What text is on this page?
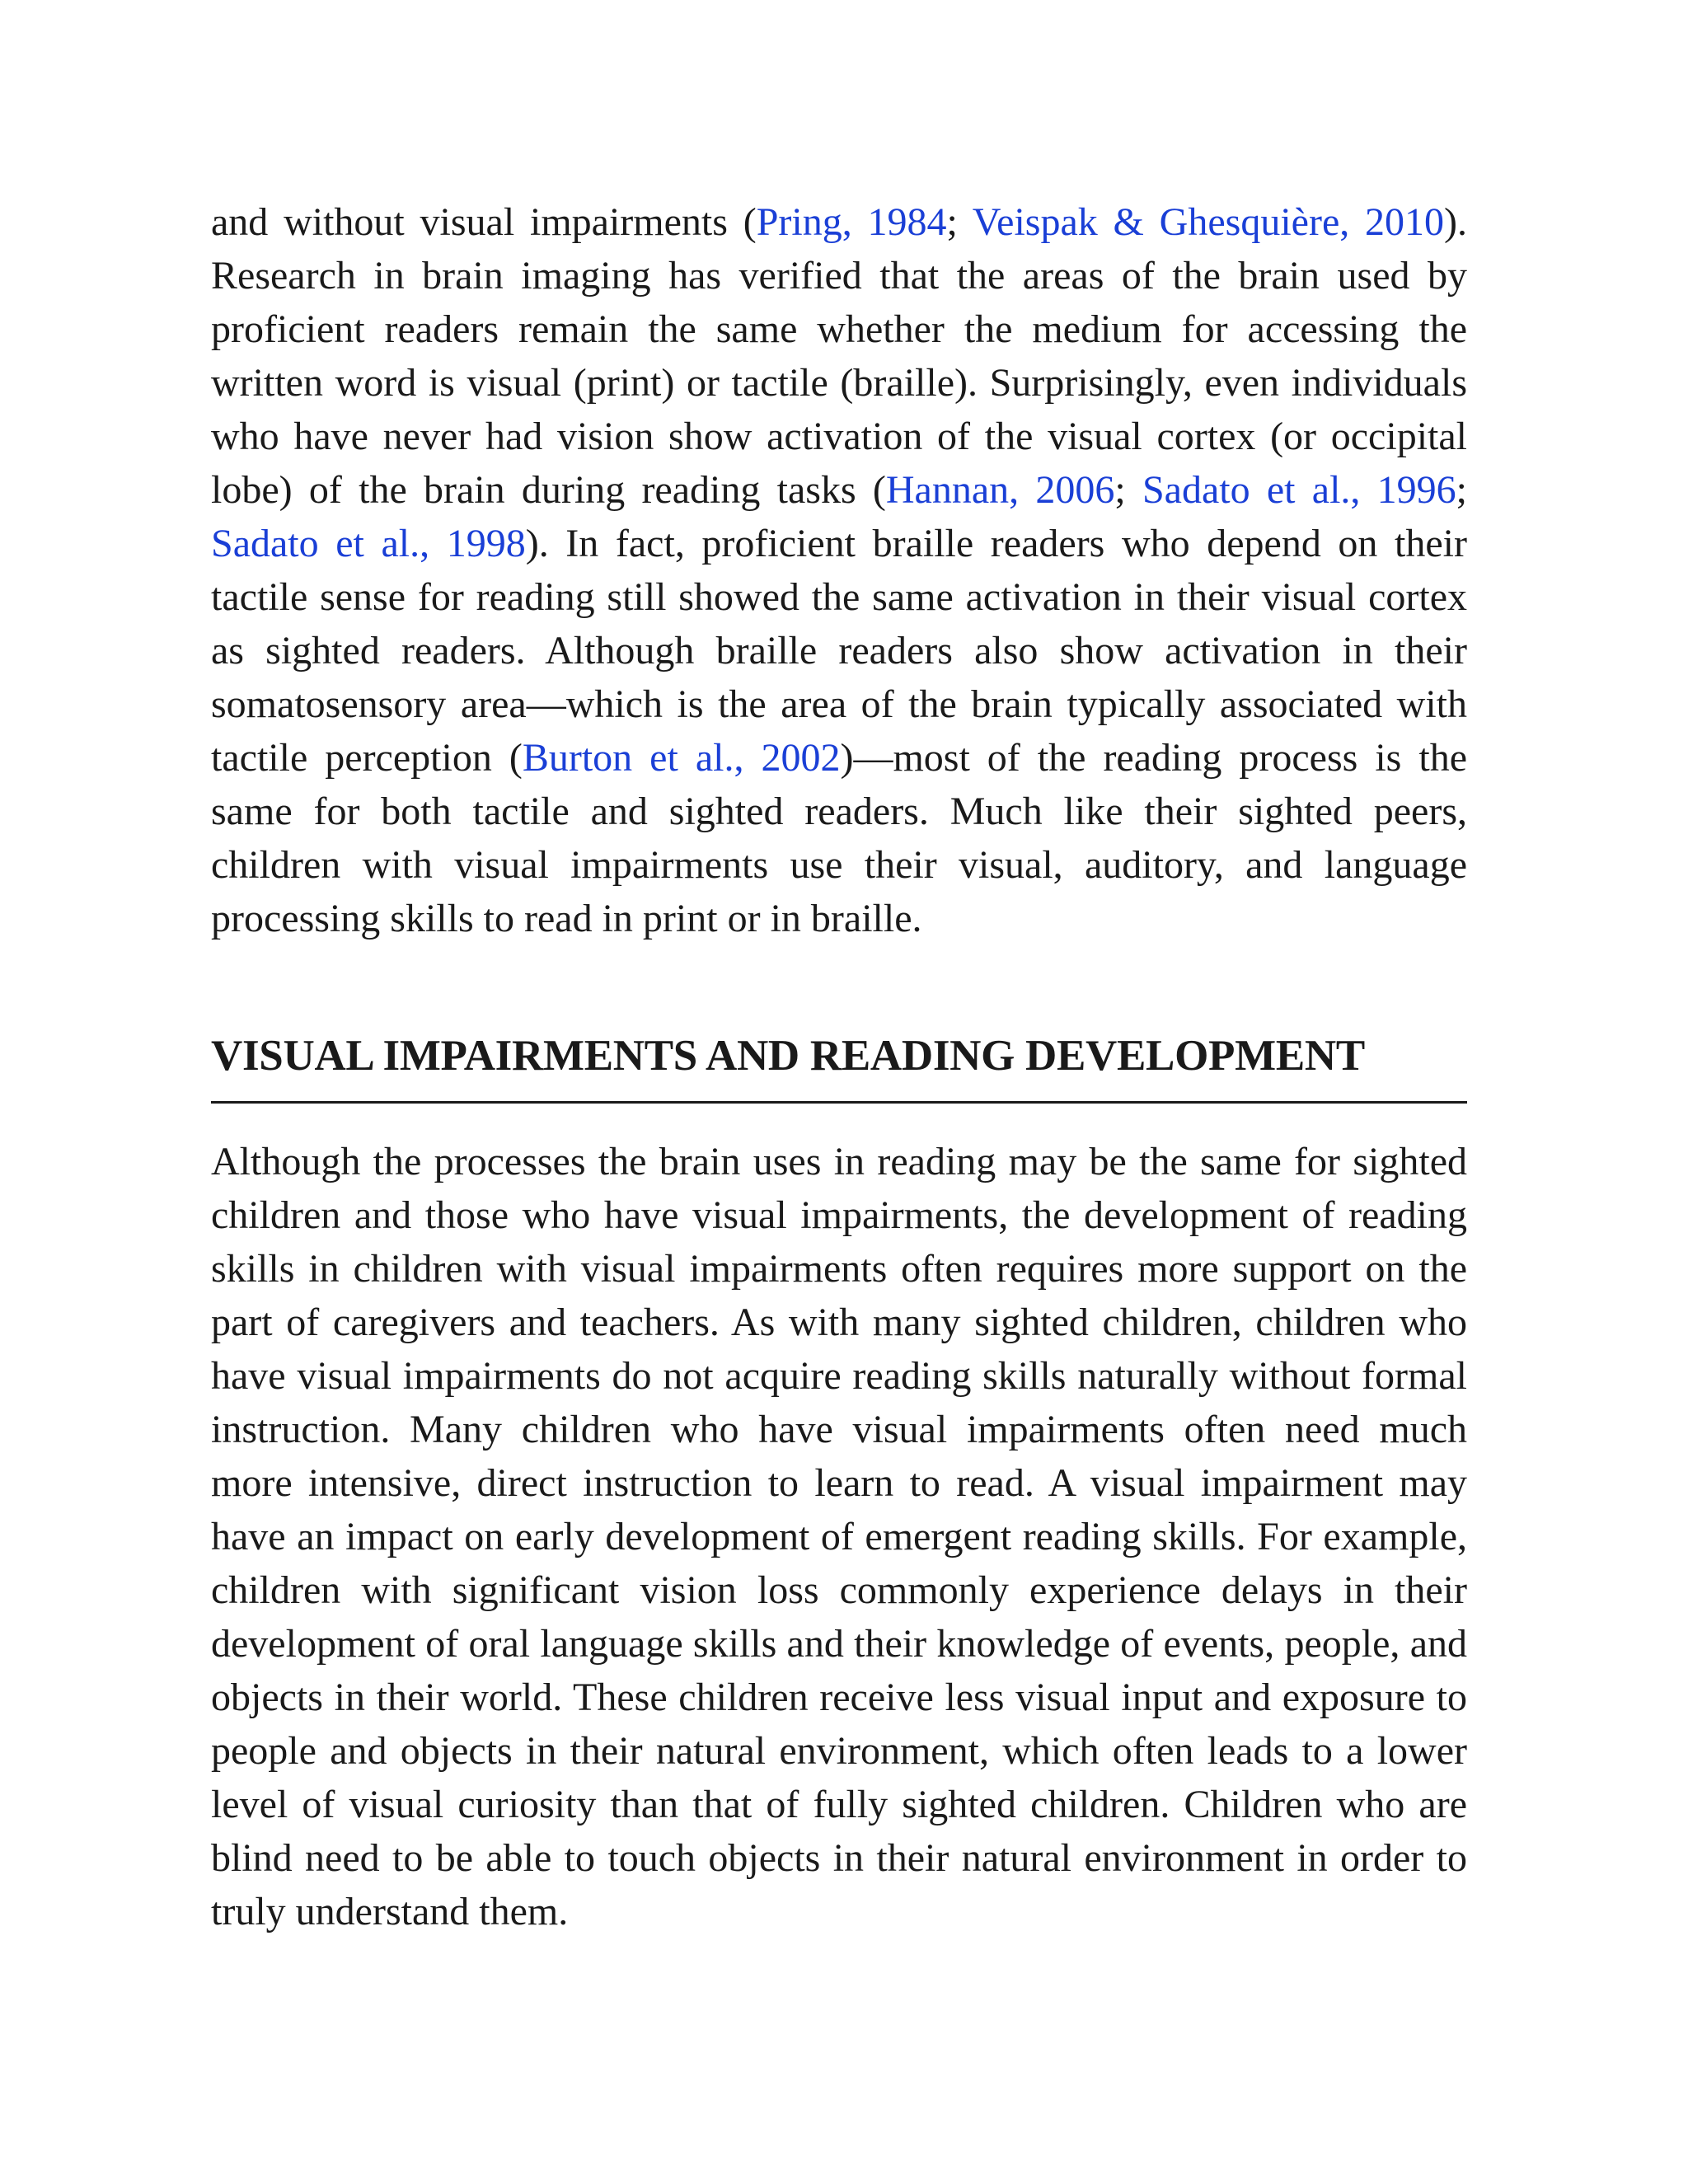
and without visual impairments (Pring, 1984; Veispak & Ghesquière, 2010). Research in brain imaging has verified that the areas of the brain used by proficient readers remain the same whether the medium for accessing the written word is visual (print) or tactile (braille). Surprisingly, even individuals who have never had vision show activation of the visual cortex (or occipital lobe) of the brain during reading tasks (Hannan, 2006; Sadato et al., 1996; Sadato et al., 1998). In fact, proficient braille readers who depend on their tactile sense for reading still showed the same activation in their visual cortex as sighted readers. Although braille readers also show activation in their somatosensory area—which is the area of the brain typically associated with tactile perception (Burton et al., 2002)—most of the reading process is the same for both tactile and sighted readers. Much like their sighted peers, children with visual impairments use their visual, auditory, and language processing skills to read in print or in braille.

VISUAL IMPAIRMENTS AND READING DEVELOPMENT

Although the processes the brain uses in reading may be the same for sighted children and those who have visual impairments, the development of reading skills in children with visual impairments often requires more support on the part of caregivers and teachers. As with many sighted children, children who have visual impairments do not acquire reading skills naturally without formal instruction. Many children who have visual impairments often need much more intensive, direct instruction to learn to read. A visual impairment may have an impact on early development of emergent reading skills. For example, children with significant vision loss commonly experience delays in their development of oral language skills and their knowledge of events, people, and objects in their world. These children receive less visual input and exposure to people and objects in their natural environment, which often leads to a lower level of visual curiosity than that of fully sighted children. Children who are blind need to be able to touch objects in their natural environment in order to truly understand them.
